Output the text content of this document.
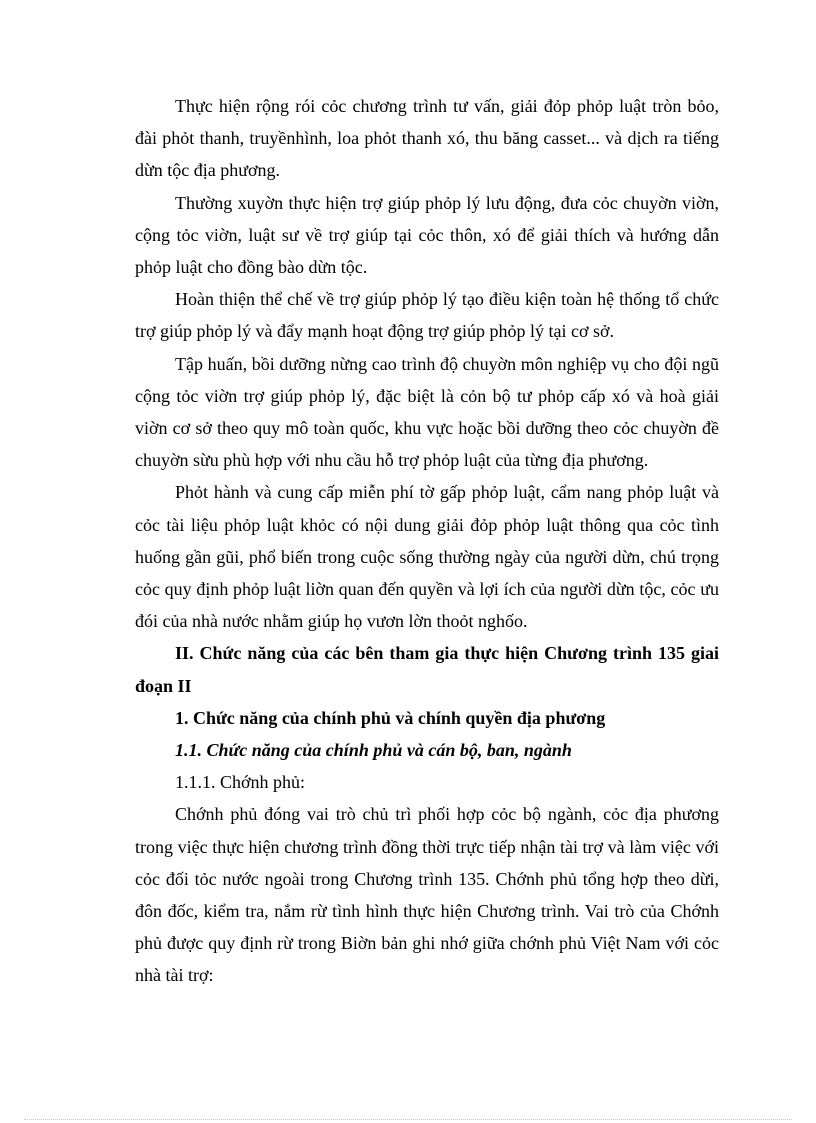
Thực hiện rộng rói cỏc chương trình tư vấn, giải đỏp phỏp luật tròn bỏo, đài phỏt thanh, truyềnhình, loa phỏt thanh xó, thu băng casset... và dịch ra tiếng dừn tộc địa phương.

Thường xuyờn thực hiện trợ giúp phỏp lý lưu động, đưa cỏc chuyờn viờn, cộng tỏc viờn, luật sư về trợ giúp tại cỏc thôn, xó để giải thích và hướng dẫn phỏp luật cho đồng bào dừn tộc.

Hoàn thiện thể chế về trợ giúp phỏp lý tạo điều kiện toàn hệ thống tổ chức trợ giúp phỏp lý và đẩy mạnh hoạt động trợ giúp phỏp lý tại cơ sở.

Tập huấn, bồi dưỡng nừng cao trình độ chuyờn môn nghiệp vụ cho đội ngũ cộng tỏc viờn trợ giúp phỏp lý, đặc biệt là cỏn bộ tư phỏp cấp xó và hoà giải viờn cơ sở theo quy mô toàn quốc, khu vực hoặc bồi dưỡng theo cỏc chuyờn đề chuyờn sừu phù hợp với nhu cầu hỗ trợ phỏp luật của từng địa phương.

Phỏt hành và cung cấp miễn phí tờ gấp phỏp luật, cẩm nang phỏp luật và cỏc tài liệu phỏp luật khỏc có nội dung giải đỏp phỏp luật thông qua cỏc tình huống gần gũi, phổ biến trong cuộc sống thường ngày của người dừn, chú trọng cỏc quy định phỏp luật liờn quan đến quyền và lợi ích của người dừn tộc, cỏc ưu đói của nhà nước nhằm giúp họ vươn lờn thoỏt nghốo.

II. Chức năng của các bên tham gia thực hiện Chương trình 135 giai đoạn II

1. Chức năng của chính phủ và chính quyền địa phương

1.1. Chức năng của chính phủ và cán bộ, ban, ngành

1.1.1. Chớnh phủ:

Chớnh phủ đóng vai trò chủ trì phối hợp cỏc bộ ngành, cỏc địa phương trong việc thực hiện chương trình đồng thời trực tiếp nhận tài trợ và làm việc với cỏc đối tỏc nước ngoài trong Chương trình 135. Chớnh phủ tổng hợp theo dừi, đôn đốc, kiểm tra, nắm rừ tình hình thực hiện Chương trình. Vai trò của Chớnh phủ được quy định rừ trong Biờn bản ghi nhớ giữa chớnh phủ Việt Nam với cỏc nhà tài trợ:
